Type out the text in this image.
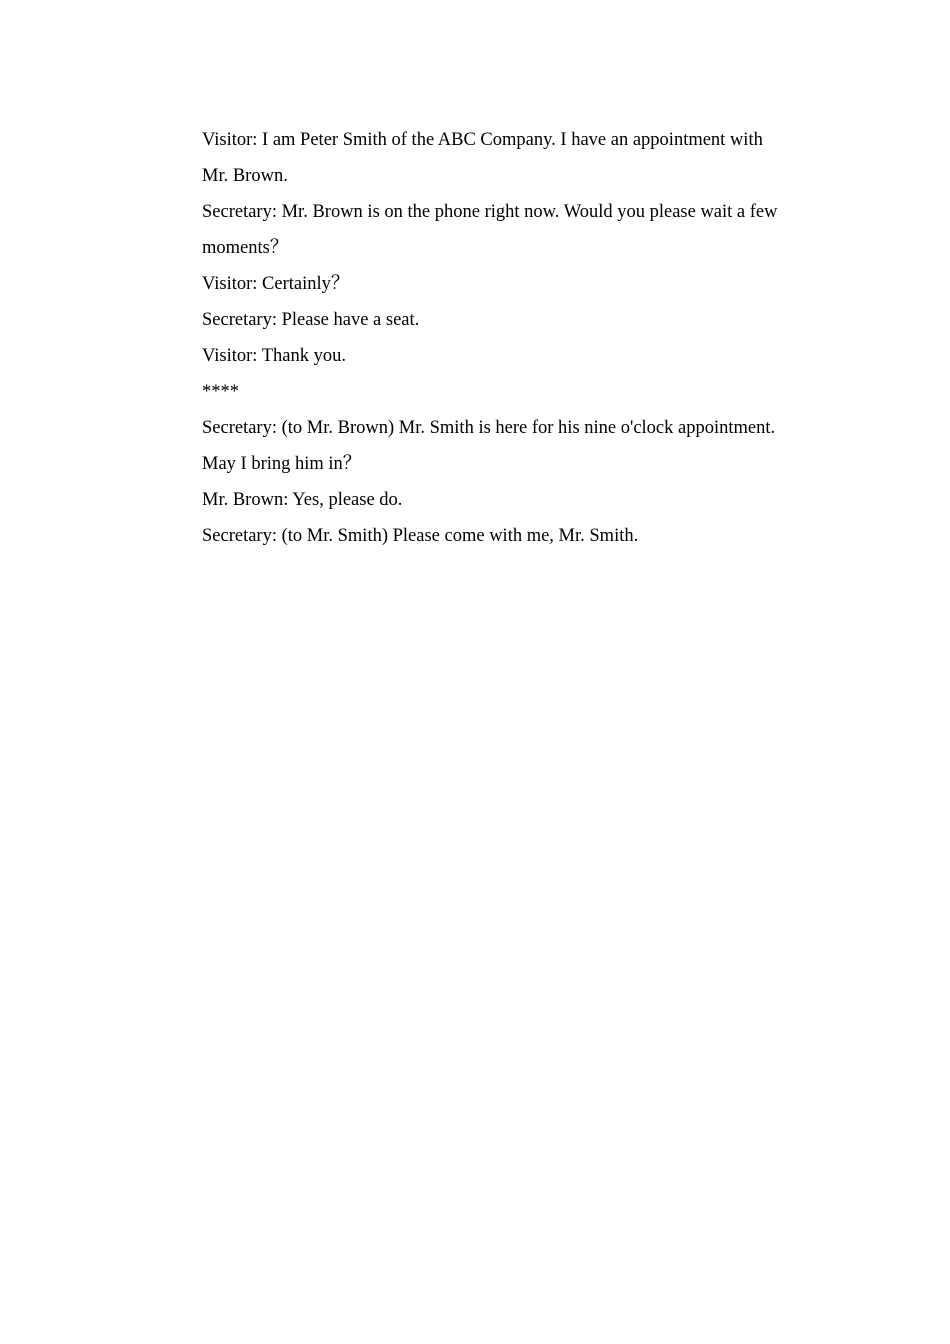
Visitor: I am Peter Smith of the ABC Company. I have an appointment with
Mr. Brown.
Secretary: Mr. Brown is on the phone right now. Would you please wait a few
moments？
Visitor: Certainly？
Secretary: Please have a seat.
Visitor: Thank you.
****
Secretary: (to Mr. Brown) Mr. Smith is here for his nine o'clock appointment.
May I bring him in？
Mr. Brown: Yes, please do.
Secretary: (to Mr. Smith) Please come with me, Mr. Smith.
